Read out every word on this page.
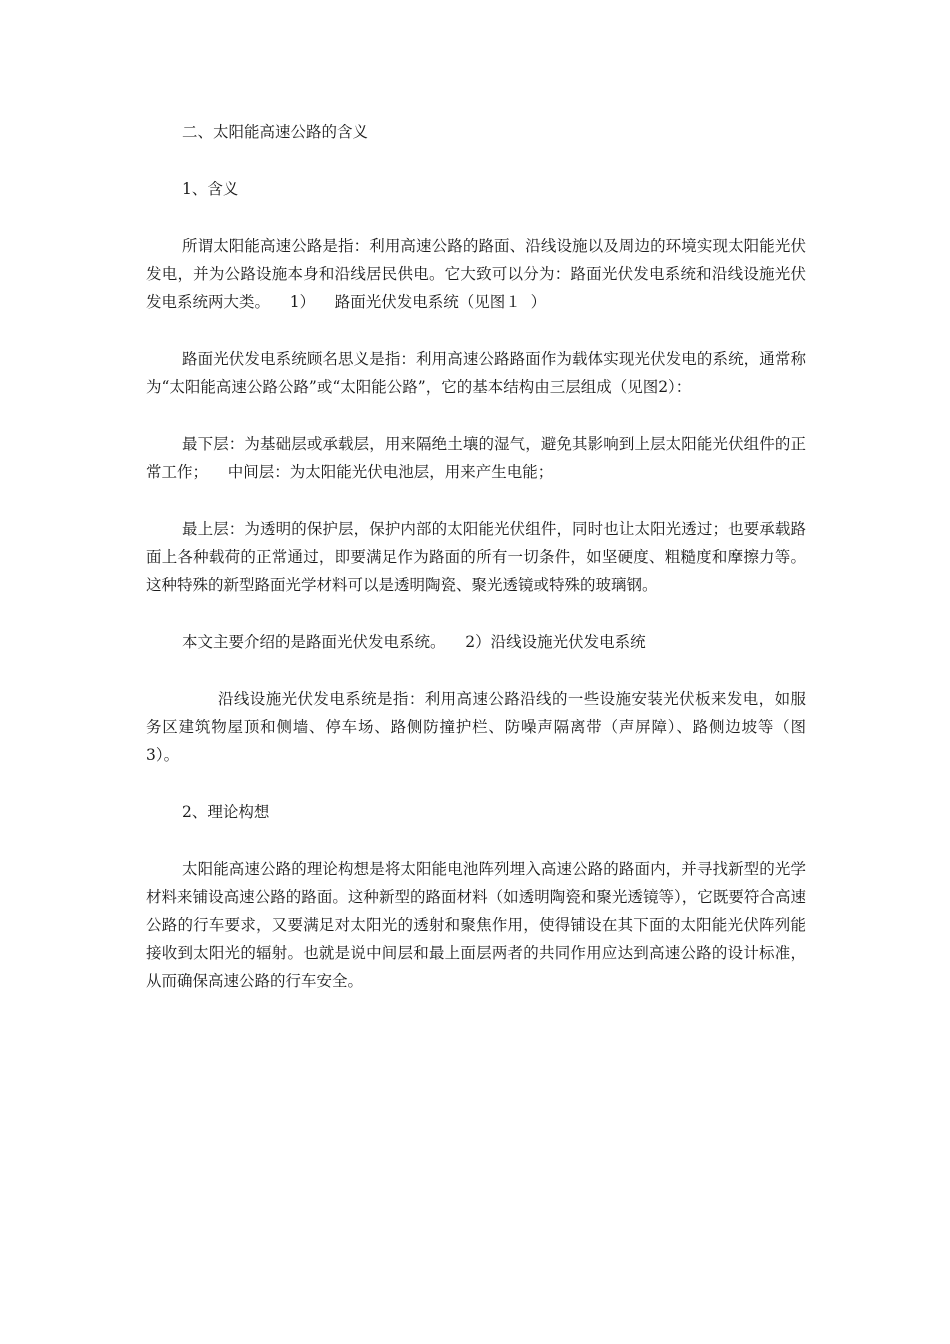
二、太阳能高速公路的含义

1、含义

所谓太阳能高速公路是指：利用高速公路的路面、沿线设施以及周边的环境实现太阳能光伏发电，并为公路设施本身和沿线居民供电。它大致可以分为：路面光伏发电系统和沿线设施光伏发电系统两大类。    1）    路面光伏发电系统（见图１  ）

路面光伏发电系统顾名思义是指：利用高速公路路面作为载体实现光伏发电的系统，通常称为“太阳能高速公路公路”或“太阳能公路”，它的基本结构由三层组成（见图2）：

最下层：为基础层或承载层，用来隔绝土壤的湿气，避免其影响到上层太阳能光伏组件的正常工作；    中间层：为太阳能光伏电池层，用来产生电能；

最上层：为透明的保护层，保护内部的太阳能光伏组件，同时也让太阳光透过；也要承载路面上各种载荷的正常通过，即要满足作为路面的所有一切条件，如坚硬度、粗糙度和摩擦力等。    这种特殊的新型路面光学材料可以是透明陶瓷、聚光透镜或特殊的玻璃钢。

本文主要介绍的是路面光伏发电系统。    2）沿线设施光伏发电系统

沿线设施光伏发电系统是指：利用高速公路沿线的一些设施安装光伏板来发电，如服务区建筑物屋顶和侧墙、停车场、路侧防撞护栏、防噪声隔离带（声屏障）、路侧边坡等（图3）。

2、理论构想

太阳能高速公路的理论构想是将太阳能电池阵列埋入高速公路的路面内，并寻找新型的光学材料来铺设高速公路的路面。这种新型的路面材料（如透明陶瓷和聚光透镜等），它既要符合高速公路的行车要求，又要满足对太阳光的透射和聚焦作用，使得铺设在其下面的太阳能光伏阵列能接收到太阳光的辐射。也就是说中间层和最上面层两者的共同作用应达到高速公路的设计标准，从而确保高速公路的行车安全。
